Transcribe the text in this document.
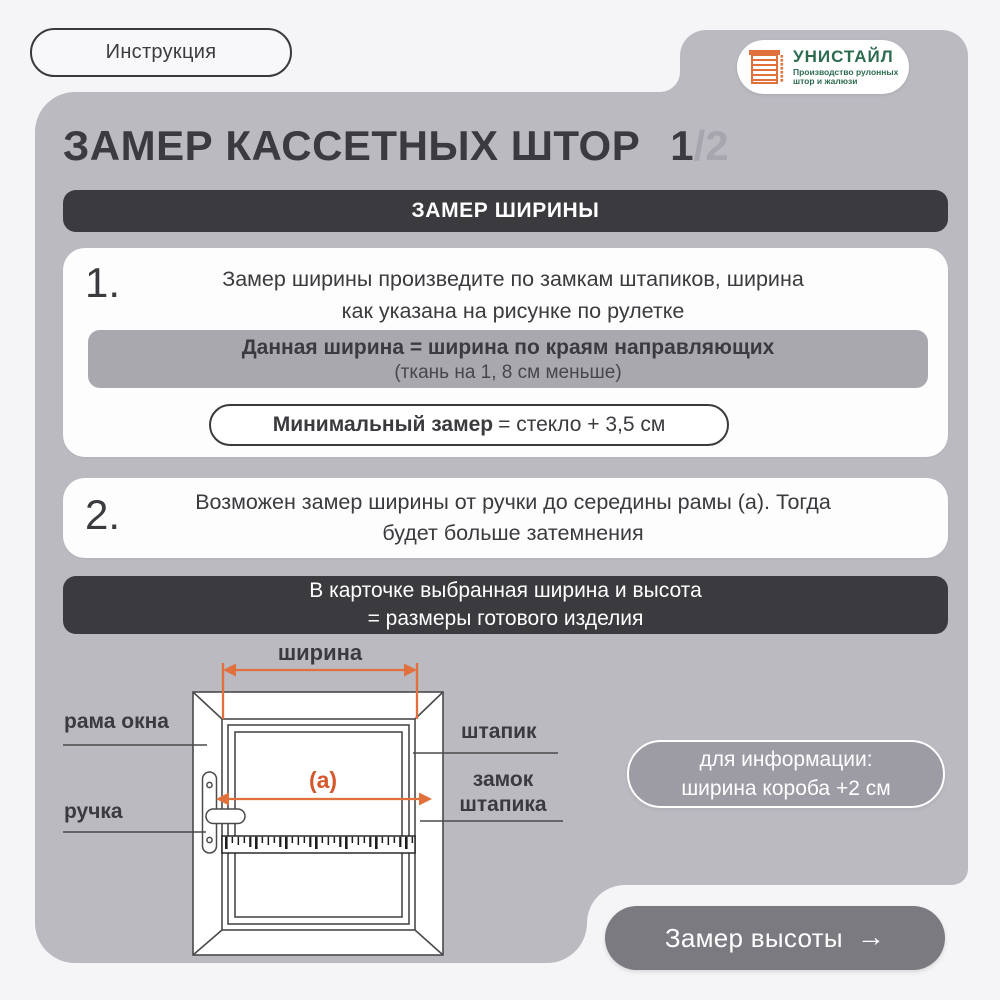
Инструкция	УНИСТАЙЛ
Производство рулонных
штор и жалюзи
ЗАМЕР КАССЕТНЫХ ШТОР 1/2
ЗАМЕР ШИРИНЫ
1.	Замер ширины произведите по замкам штапиков, ширина
как указана на рисунке по рулетке
Данная ширина = ширина по краям направляющих
(ткань на 1, 8 см меньше)
Минимальный замер = стекло + 3,5 см
2.	Возможен замер ширины от ручки до середины рамы (а). Тогда
будет больше затемнения
В карточке выбранная ширина и высота
= размеры готового изделия
ширина
(а)
рама окна
ручка
штапик
замок
штапика
для информации:
ширина короба +2 см
Замер высоты →
